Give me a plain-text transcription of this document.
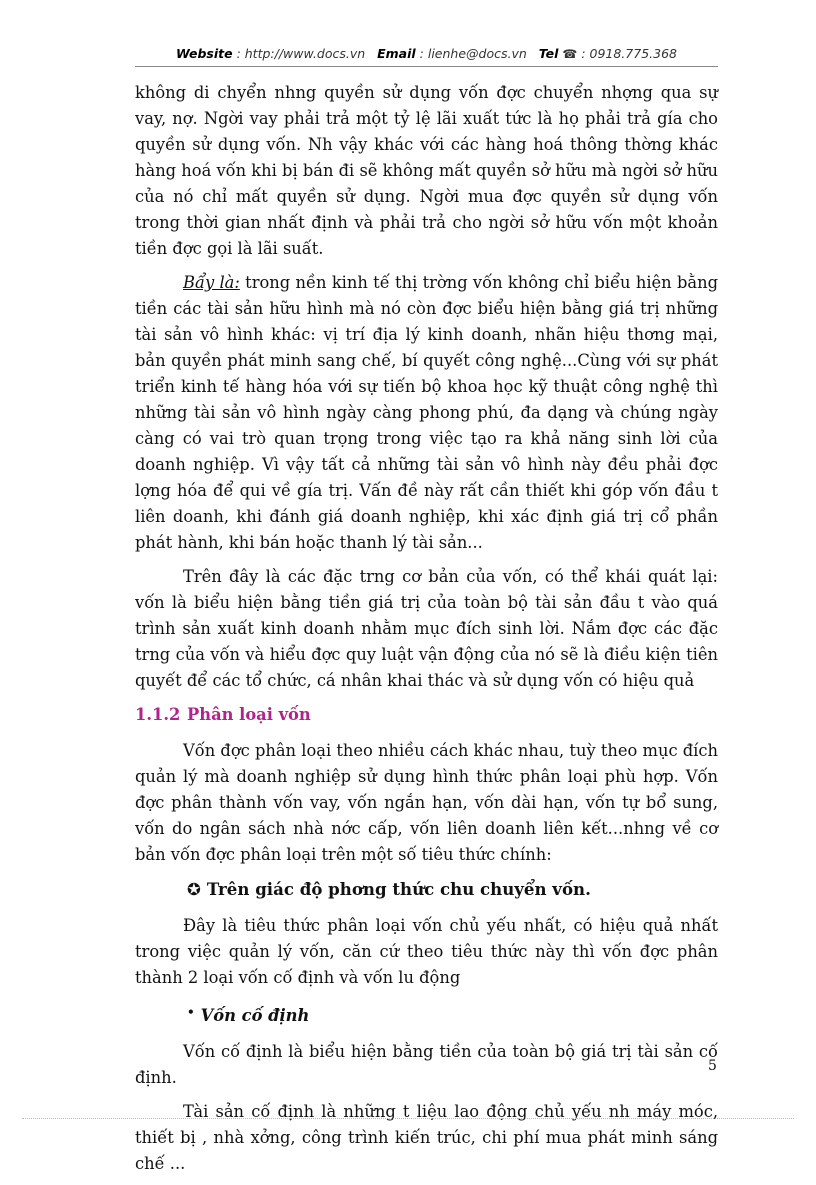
Website : http://www.docs.vn Email : lienhe@docs.vn Tel ☎ : 0918.775.368

không di chyển nhng quyền sử dụng vốn đợc chuyển nhợng qua sự vay, nợ. Ngời vay phải trả một tỷ lệ lãi xuất tức là họ phải trả gía cho quyền sử dụng vốn. Nh vậy khác với các hàng hoá thông thờng khác hàng hoá vốn khi bị bán đi sẽ không mất quyền sở hữu mà ngời sở hữu của nó chỉ mất quyền sử dụng. Ngời mua đợc quyền sử dụng vốn trong thời gian nhất định và phải trả cho ngời sở hữu vốn một khoản tiền đợc gọi là lãi suất.

Bẩy là: trong nền kinh tế thị trờng vốn không chỉ biểu hiện bằng tiền các tài sản hữu hình mà nó còn đợc biểu hiện bằng giá trị những tài sản vô hình khác: vị trí địa lý kinh doanh, nhãn hiệu thơng mại, bản quyền phát minh sang chế, bí quyết công nghệ...Cùng với sự phát triển kinh tế hàng hóa với sự tiến bộ khoa học kỹ thuật công nghệ thì những tài sản vô hình ngày càng phong phú, đa dạng và chúng ngày càng có vai trò quan trọng trong việc tạo ra khả năng sinh lời của doanh nghiệp. Vì vậy tất cả những tài sản vô hình này đều phải đợc lợng hóa để qui về gía trị. Vấn đề này rất cần thiết khi góp vốn đầu t liên doanh, khi đánh giá doanh nghiệp, khi xác định giá trị cổ phần phát hành, khi bán hoặc thanh lý tài sản...

Trên đây là các đặc trng cơ bản của vốn, có thể khái quát lại: vốn là biểu hiện bằng tiền giá trị của toàn bộ tài sản đầu t vào quá trình sản xuất kinh doanh nhằm mục đích sinh lời. Nắm đợc các đặc trng của vốn và hiểu đợc quy luật vận động của nó sẽ là điều kiện tiên quyết để các tổ chức, cá nhân khai thác và sử dụng vốn có hiệu quả

1.1.2 Phân loại vốn

Vốn đợc phân loại theo nhiều cách khác nhau, tuỳ theo mục đích quản lý mà doanh nghiệp sử dụng hình thức phân loại phù hợp. Vốn đợc phân thành vốn vay, vốn ngắn hạn, vốn dài hạn, vốn tự bổ sung, vốn do ngân sách nhà nớc cấp, vốn liên doanh liên kết...nhng về cơ bản vốn đợc phân loại trên một số tiêu thức chính:

✪ Trên giác độ phơng thức chu chuyển vốn.

Đây là tiêu thức phân loại vốn chủ yếu nhất, có hiệu quả nhất trong việc quản lý vốn, căn cứ theo tiêu thức này thì vốn đợc phân thành 2 loại vốn cố định và vốn lu động

• Vốn cố định

Vốn cố định là biểu hiện bằng tiền của toàn bộ giá trị tài sản cố định.

Tài sản cố định là những t liệu lao động chủ yếu nh máy móc, thiết bị , nhà xởng, công trình kiến trúc, chi phí mua phát minh sáng chế ...

5
